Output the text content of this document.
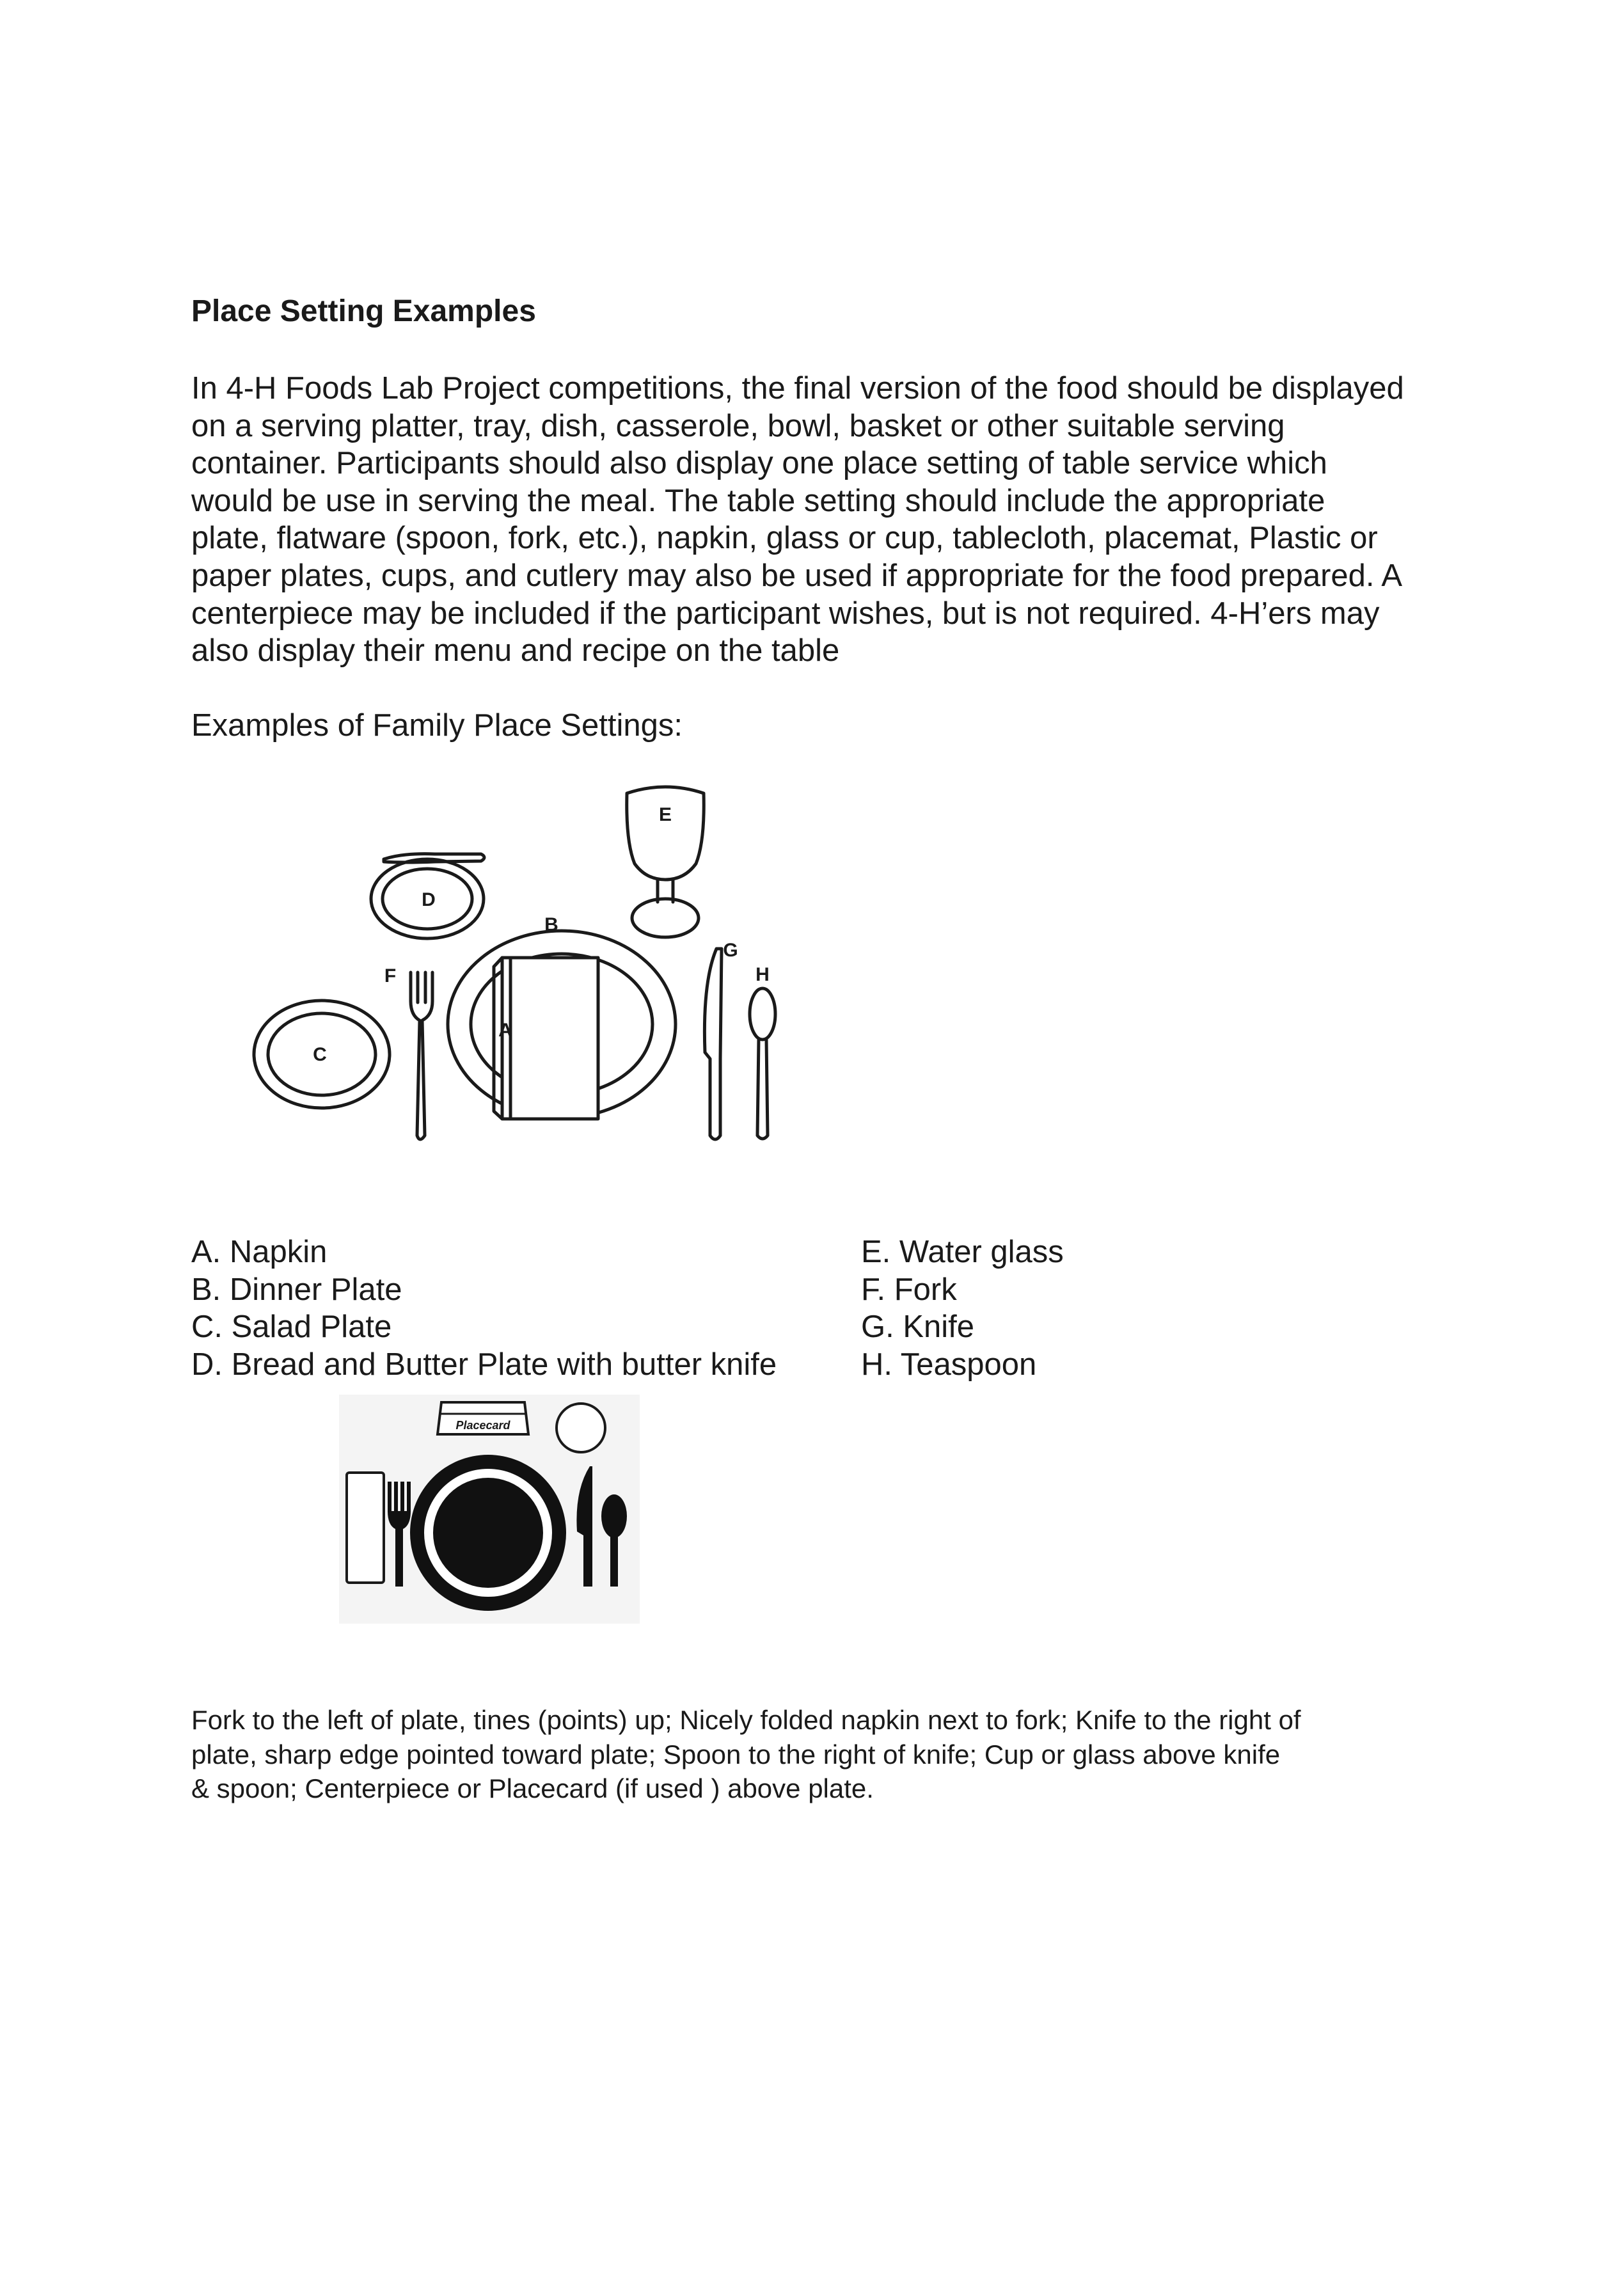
Place Setting Examples

In 4-H Foods Lab Project competitions, the final version of the food should be displayed
on a serving platter, tray, dish, casserole, bowl, basket or other suitable serving
container. Participants should also display one place setting of table service which
would be use in serving the meal. The table setting should include the appropriate
plate, flatware (spoon, fork, etc.), napkin, glass or cup, tablecloth, placemat, Plastic or
paper plates, cups, and cutlery may also be used if appropriate for the food prepared. A
centerpiece may be included if the participant wishes, but is not required. 4-H’ers may
also display their menu and recipe on the table

Examples of Family Place Settings:

A
B
C
D
E
F
G
H
A. Napkin
B. Dinner Plate
C. Salad Plate
D. Bread and Butter Plate with butter knife
E. Water glass
F. Fork
G. Knife
H. Teaspoon
Placecard

Fork to the left of plate, tines (points) up; Nicely folded napkin next to fork; Knife to the right of
plate, sharp edge pointed toward plate; Spoon to the right of knife; Cup or glass above knife
& spoon; Centerpiece or Placecard (if used ) above plate.
